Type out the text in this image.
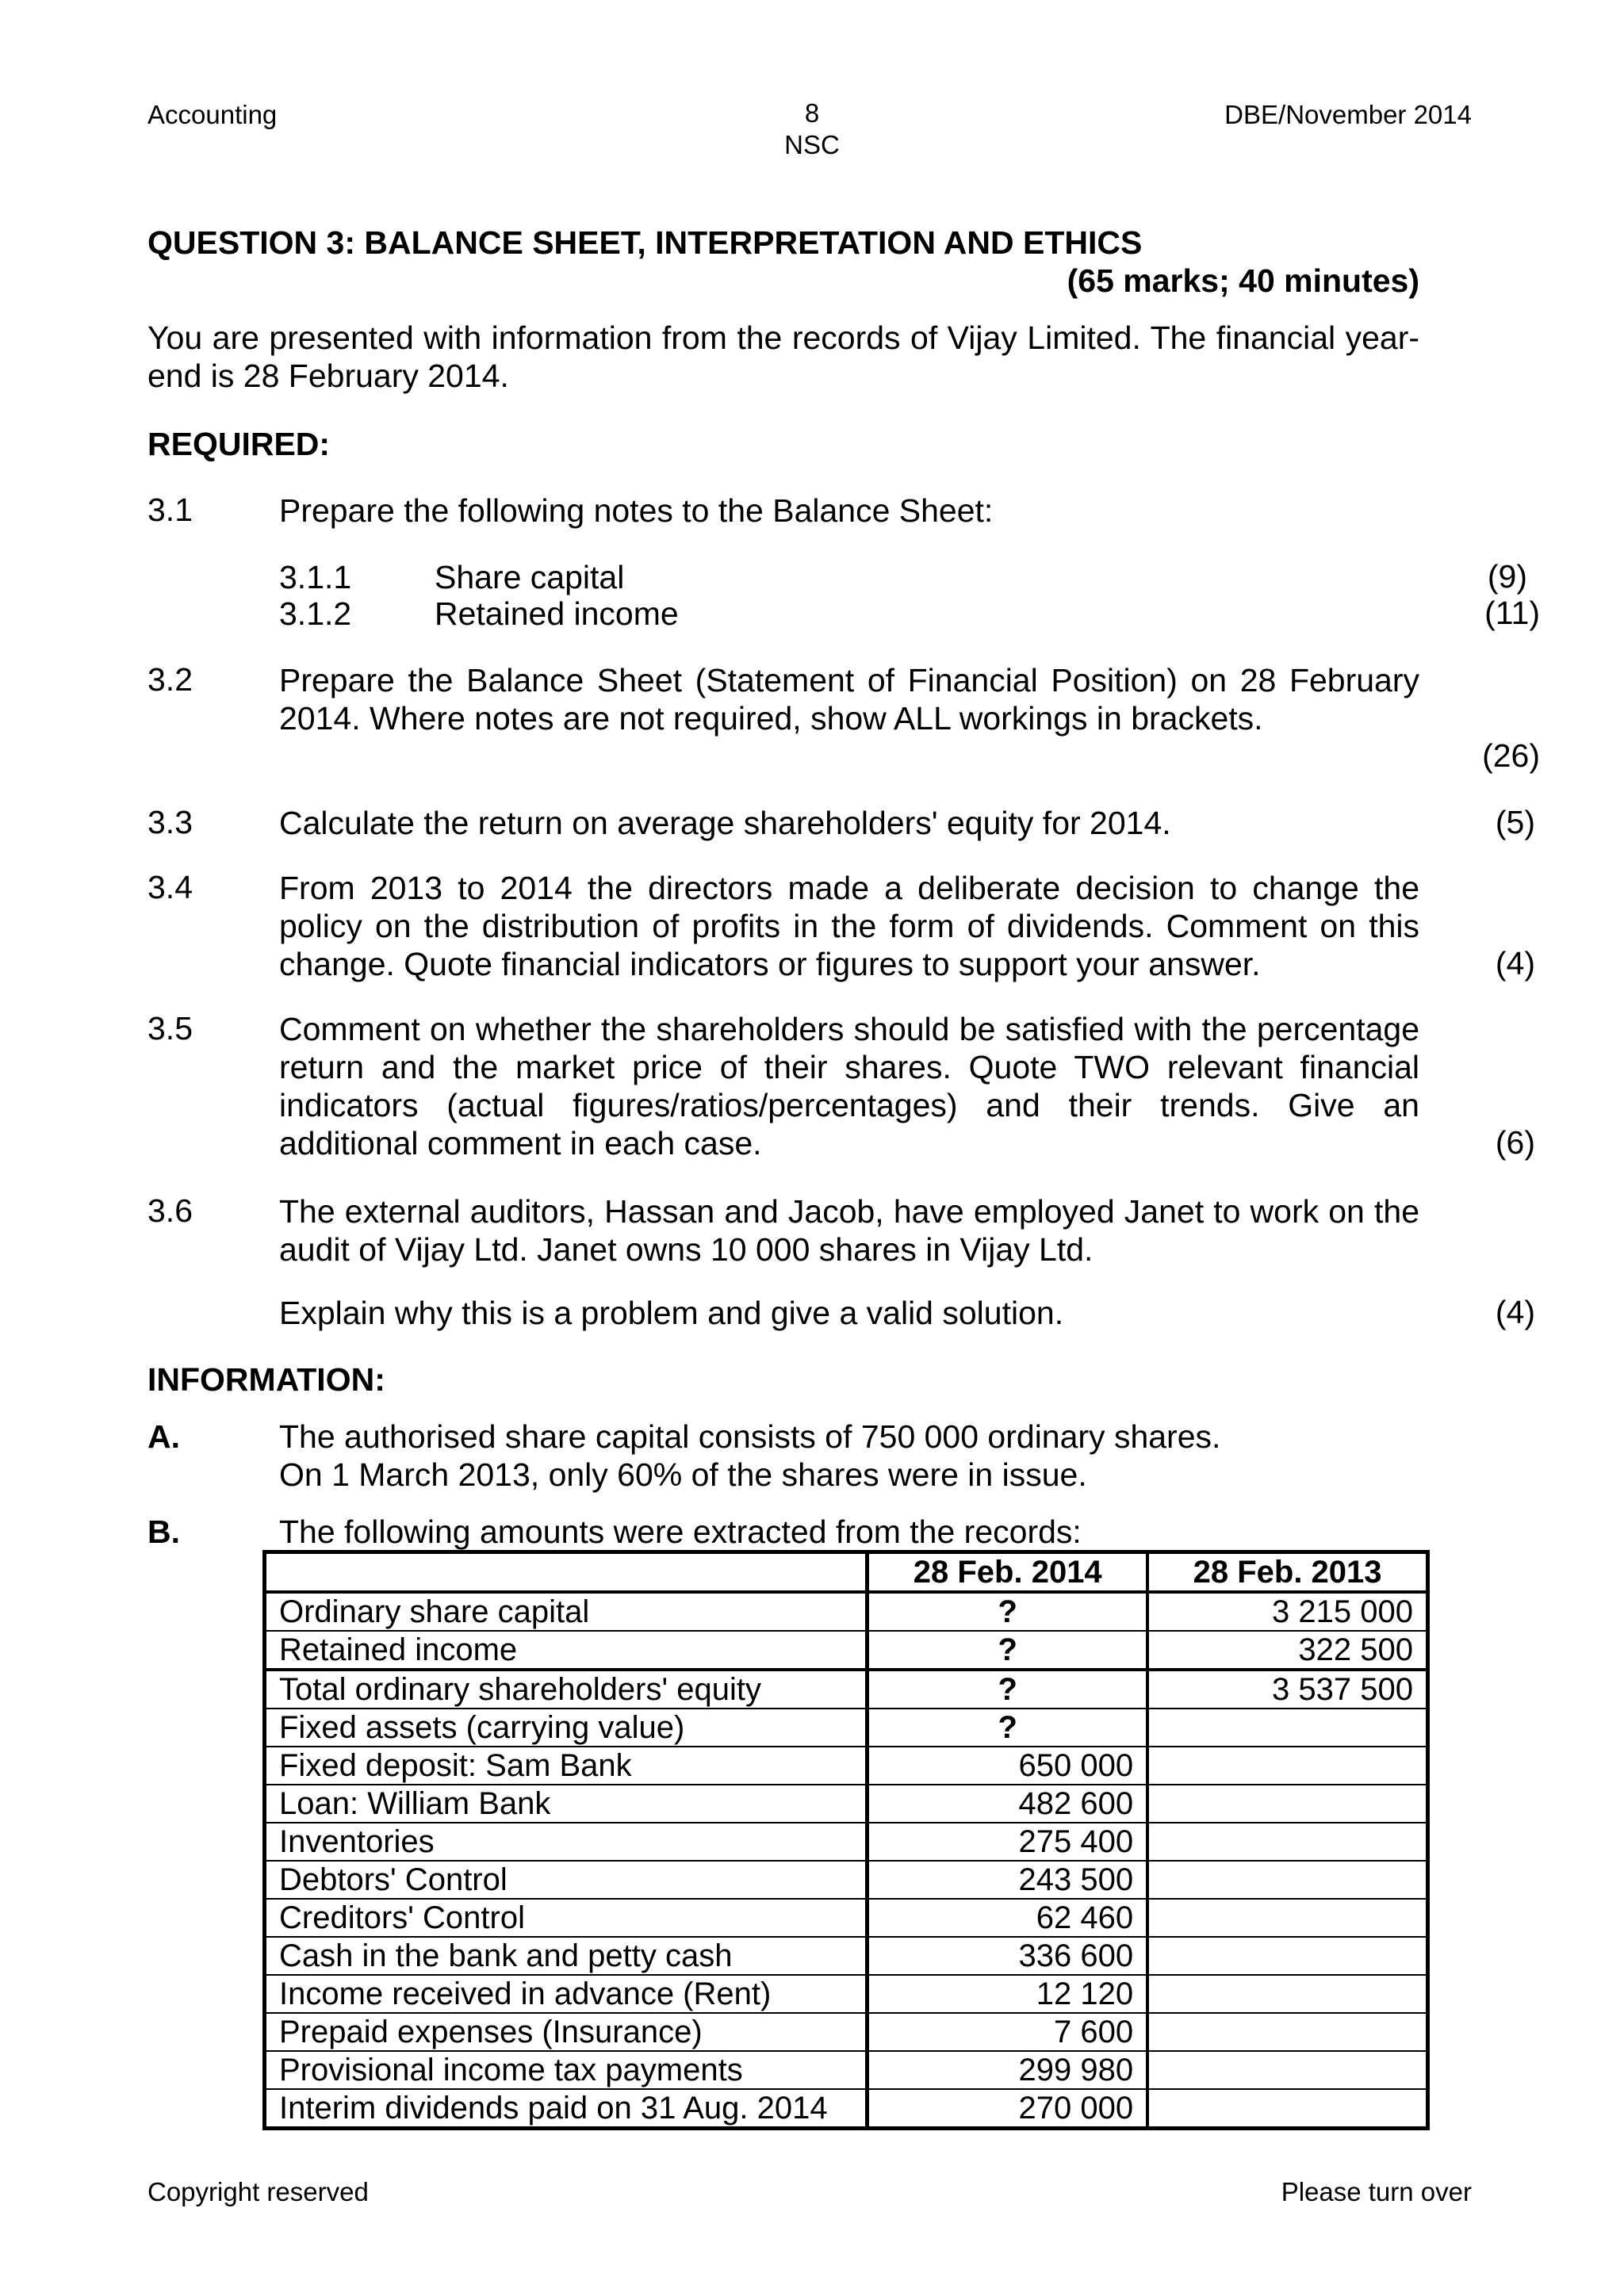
Accounting	8
NSC
DBE/November 2014
QUESTION 3: BALANCE SHEET, INTERPRETATION AND ETHICS
(65 marks; 40 minutes)
You are presented with information from the records of Vijay Limited. The financial year-end is 28 February 2014.
REQUIRED:
3.1	Prepare the following notes to the Balance Sheet:
3.1.1	Share capital	(9)
3.1.2	Retained income	(11)
3.2	Prepare the Balance Sheet (Statement of Financial Position) on 28 February 2014. Where notes are not required, show ALL workings in brackets.
(26)
3.3	Calculate the return on average shareholders' equity for 2014.	(5)
3.4	From 2013 to 2014 the directors made a deliberate decision to change the policy on the distribution of profits in the form of dividends. Comment on this change. Quote financial indicators or figures to support your answer.	(4)
3.5	Comment on whether the shareholders should be satisfied with the percentage return and the market price of their shares. Quote TWO relevant financial indicators (actual figures/ratios/percentages) and their trends. Give an additional comment in each case.	(6)
3.6	The external auditors, Hassan and Jacob, have employed Janet to work on the audit of Vijay Ltd. Janet owns 10 000 shares in Vijay Ltd.
Explain why this is a problem and give a valid solution.	(4)
INFORMATION:
A.	The authorised share capital consists of 750 000 ordinary shares.
On 1 March 2013, only 60% of the shares were in issue.
B.	The following amounts were extracted from the records:
	28 Feb. 2014	28 Feb. 2013
Ordinary share capital	?	3 215 000
Retained income	?	322 500
Total ordinary shareholders' equity	?	3 537 500
Fixed assets (carrying value)	?	
Fixed deposit: Sam Bank	650 000	
Loan: William Bank	482 600	
Inventories	275 400	
Debtors' Control	243 500	
Creditors' Control	62 460	
Cash in the bank and petty cash	336 600	
Income received in advance (Rent)	12 120	
Prepaid expenses (Insurance)	7 600	
Provisional income tax payments	299 980	
Interim dividends paid on 31 Aug. 2014	270 000	
Copyright reserved	Please turn over
